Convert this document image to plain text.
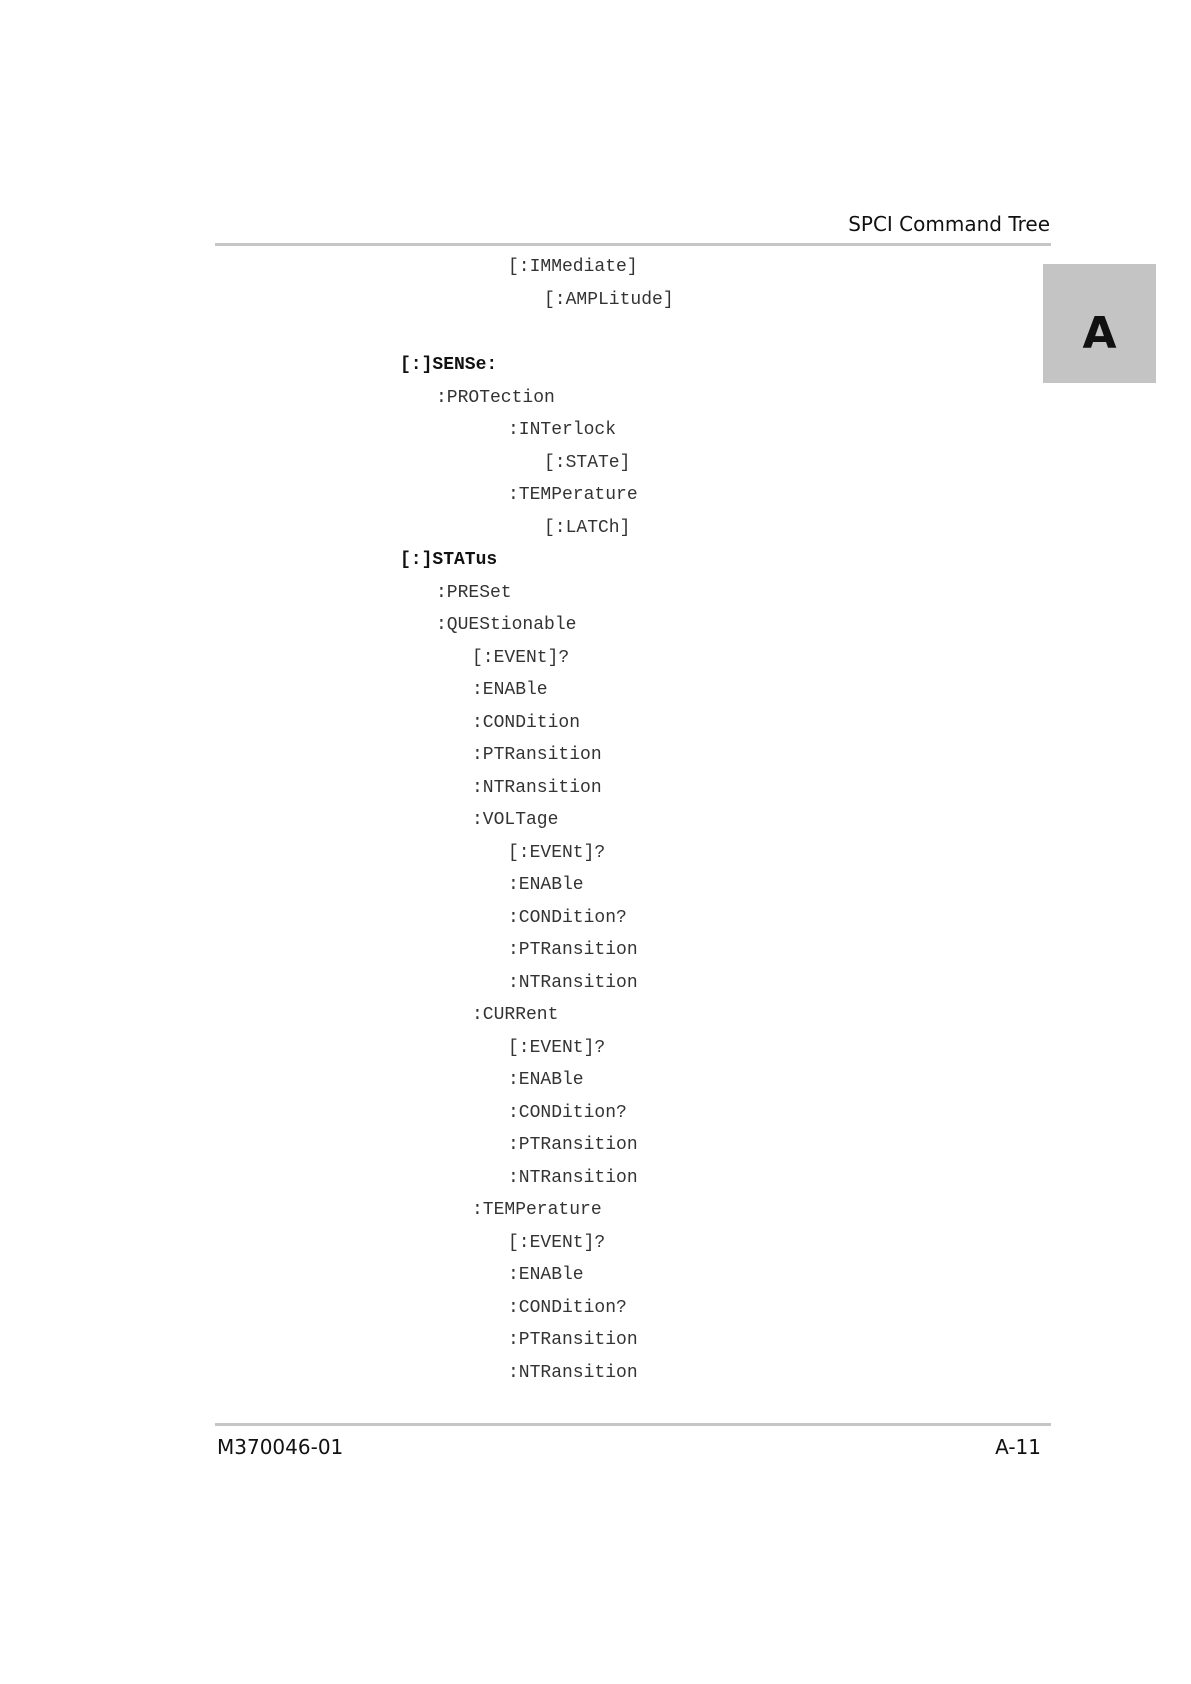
SPCI Command Tree
A
[:IMMediate]
[:AMPLitude]
[:]SENSe:
:PROTection
:INTerlock
[:STATe]
:TEMPerature
[:LATCh]
[:]STATus
:PRESet
:QUEStionable
[:EVENt]?
:ENABle
:CONDition
:PTRansition
:NTRansition
:VOLTage
[:EVENt]?
:ENABle
:CONDition?
:PTRansition
:NTRansition
:CURRent
[:EVENt]?
:ENABle
:CONDition?
:PTRansition
:NTRansition
:TEMPerature
[:EVENt]?
:ENABle
:CONDition?
:PTRansition
:NTRansition
M370046-01	A-11
